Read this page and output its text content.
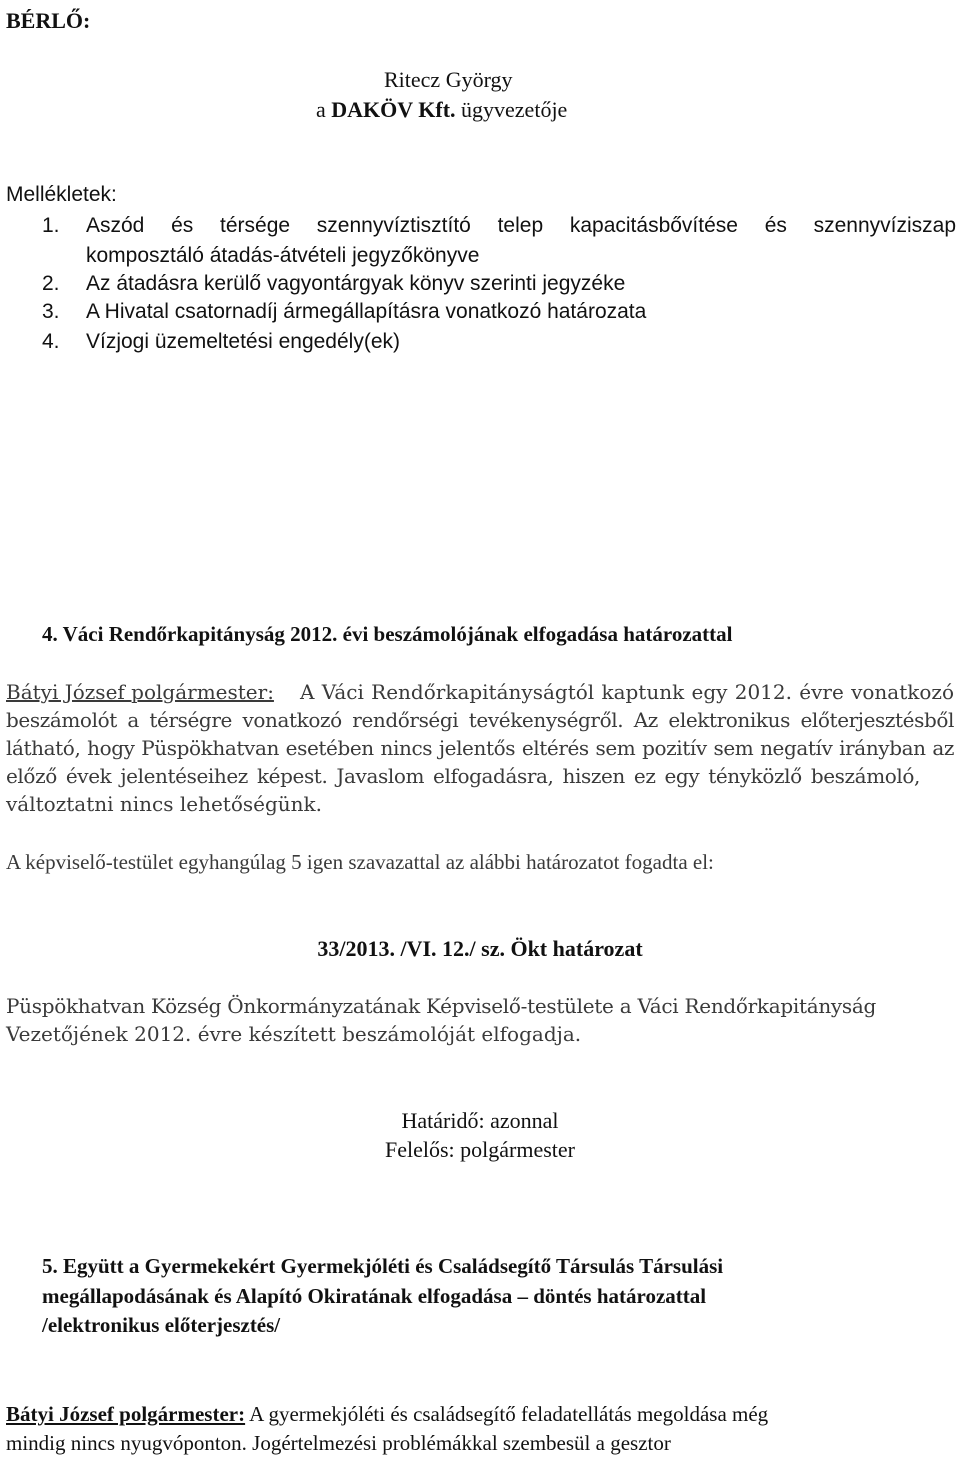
BÉRLŐ:
Ritecz György
a DAKÖV Kft. ügyvezetője
Mellékletek:
1. Aszód és térsége szennyvíztisztító telep kapacitásbővítése és szennyvíziszap
komposztáló átadás-átvételi jegyzőkönyve
2. Az átadásra kerülő vagyontárgyak könyv szerinti jegyzéke
3. A Hivatal csatornadíj ármegállapításra vonatkozó határozata
4. Vízjogi üzemeltetési engedély(ek)
4. Váci Rendőrkapitányság 2012. évi beszámolójának elfogadása határozattal
Bátyi József polgármester: A Váci Rendőrkapitányságtól kaptunk egy 2012. évre vonatkozó
beszámolót a térségre vonatkozó rendőrségi tevékenységről. Az elektronikus előterjesztésből
látható, hogy Püspökhatvan esetében nincs jelentős eltérés sem pozitív sem negatív irányban az
előző évek jelentéseihez képest. Javaslom elfogadásra, hiszen ez egy tényközlő beszámoló,
változtatni nincs lehetőségünk.
A képviselő-testület egyhangúlag 5 igen szavazattal az alábbi határozatot fogadta el:
33/2013. /VI. 12./ sz. Ökt határozat
Püspökhatvan Község Önkormányzatának Képviselő-testülete a Váci Rendőrkapitányság
Vezetőjének 2012. évre készített beszámolóját elfogadja.
Határidő: azonnal
Felelős: polgármester
5. Együtt a Gyermekekért Gyermekjóléti és Családsegítő Társulás Társulási
megállapodásának és Alapító Okiratának elfogadása – döntés határozattal
/elektronikus előterjesztés/
Bátyi József polgármester: A gyermekjóléti és családsegítő feladatellátás megoldása még
mindig nincs nyugvóponton. Jogértelmezési problémákkal szembesül a gesztor
